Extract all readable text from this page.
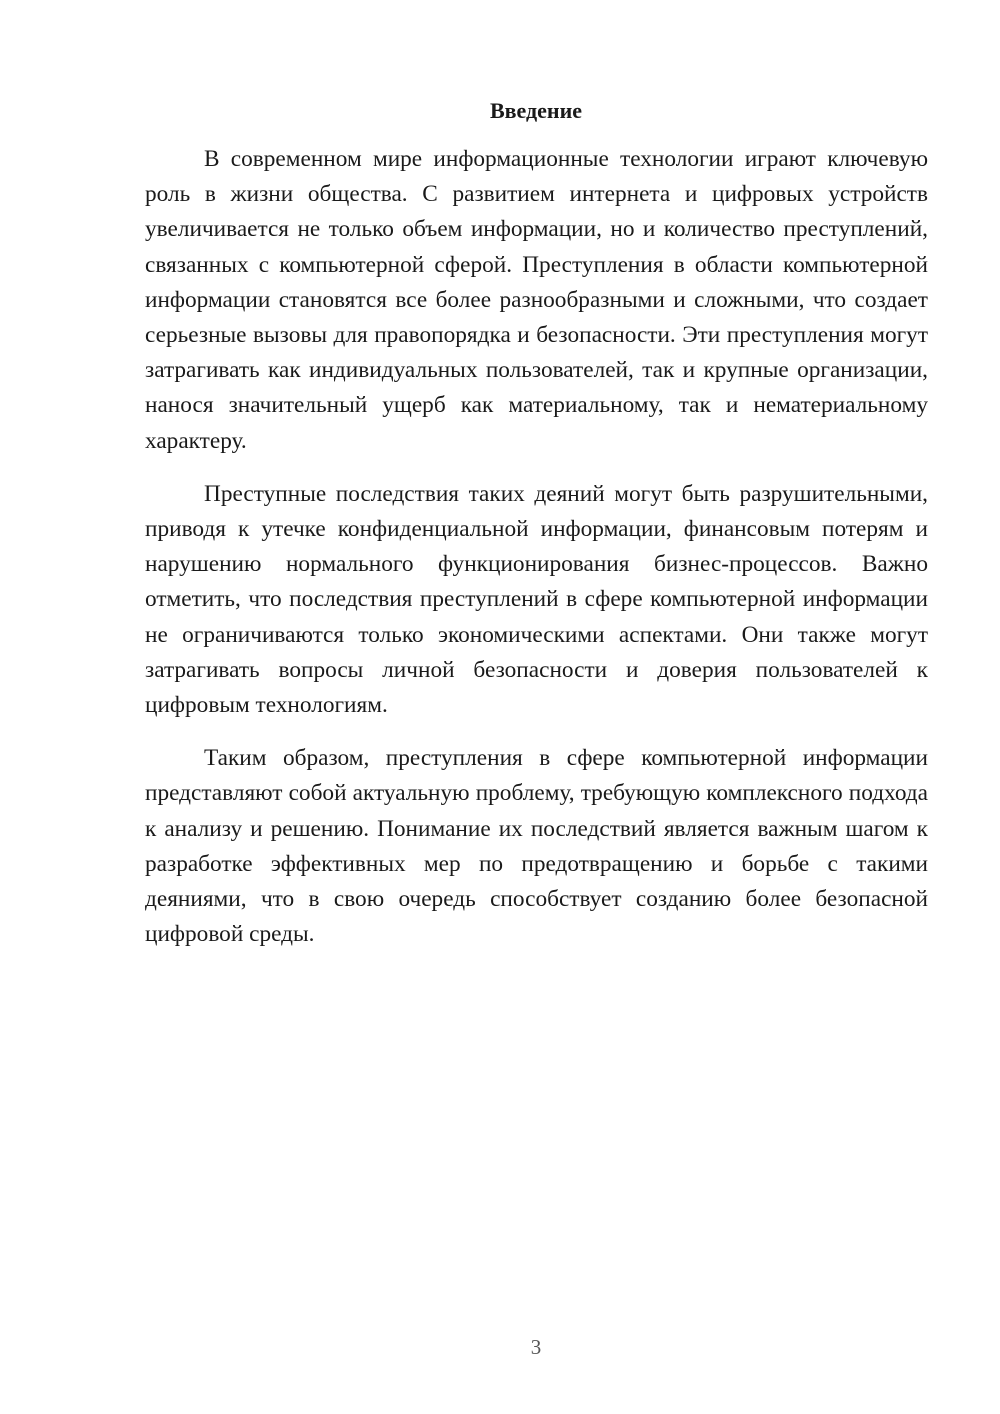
Введение

В современном мире информационные технологии играют ключевую роль в жизни общества. С развитием интернета и цифровых устройств увеличивается не только объем информации, но и количество преступлений, связанных с компьютерной сферой. Преступления в области компьютерной информации становятся все более разнообразными и сложными, что создает серьезные вызовы для правопорядка и безопасности. Эти преступления могут затрагивать как индивидуальных пользователей, так и крупные организации, нанося значительный ущерб как материальному, так и нематериальному характеру.

Преступные последствия таких деяний могут быть разрушительными, приводя к утечке конфиденциальной информации, финансовым потерям и нарушению нормального функционирования бизнес-процессов. Важно отметить, что последствия преступлений в сфере компьютерной информации не ограничиваются только экономическими аспектами. Они также могут затрагивать вопросы личной безопасности и доверия пользователей к цифровым технологиям.

Таким образом, преступления в сфере компьютерной информации представляют собой актуальную проблему, требующую комплексного подхода к анализу и решению. Понимание их последствий является важным шагом к разработке эффективных мер по предотвращению и борьбе с такими деяниями, что в свою очередь способствует созданию более безопасной цифровой среды.

3
